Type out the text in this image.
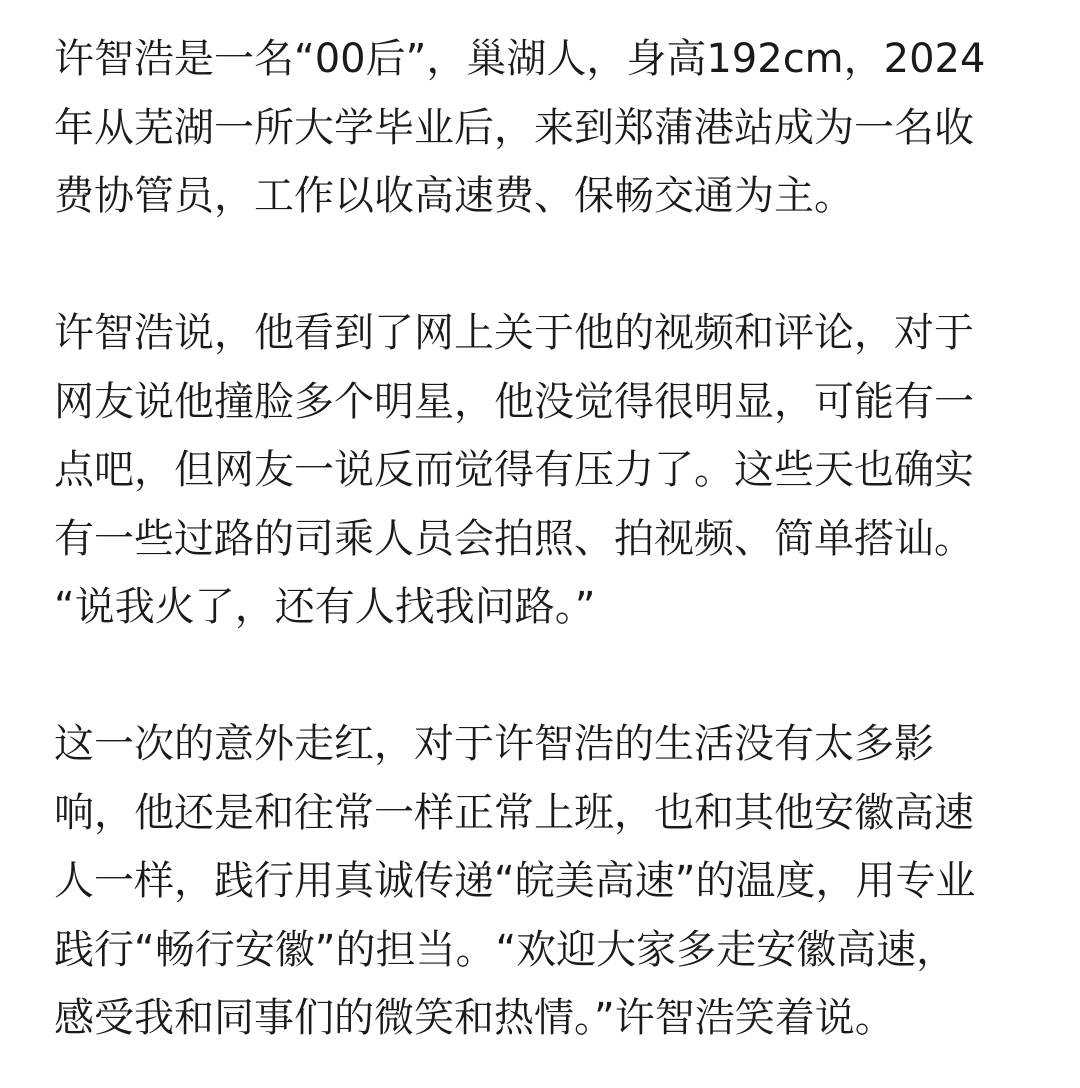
许智浩是一名“00后”，巢湖人，身高192cm，2024
年从芜湖一所大学毕业后，来到郑蒲港站成为一名收
费协管员，工作以收高速费、保畅交通为主。
许智浩说，他看到了网上关于他的视频和评论，对于
网友说他撞脸多个明星，他没觉得很明显，可能有一
点吧，但网友一说反而觉得有压力了。这些天也确实
有一些过路的司乘人员会拍照、拍视频、简单搭讪。
“说我火了，还有人找我问路。”
这一次的意外走红，对于许智浩的生活没有太多影
响，他还是和往常一样正常上班，也和其他安徽高速
人一样，践行用真诚传递“皖美高速”的温度，用专业
践行“畅行安徽”的担当。“欢迎大家多走安徽高速，
感受我和同事们的微笑和热情。”许智浩笑着说。
